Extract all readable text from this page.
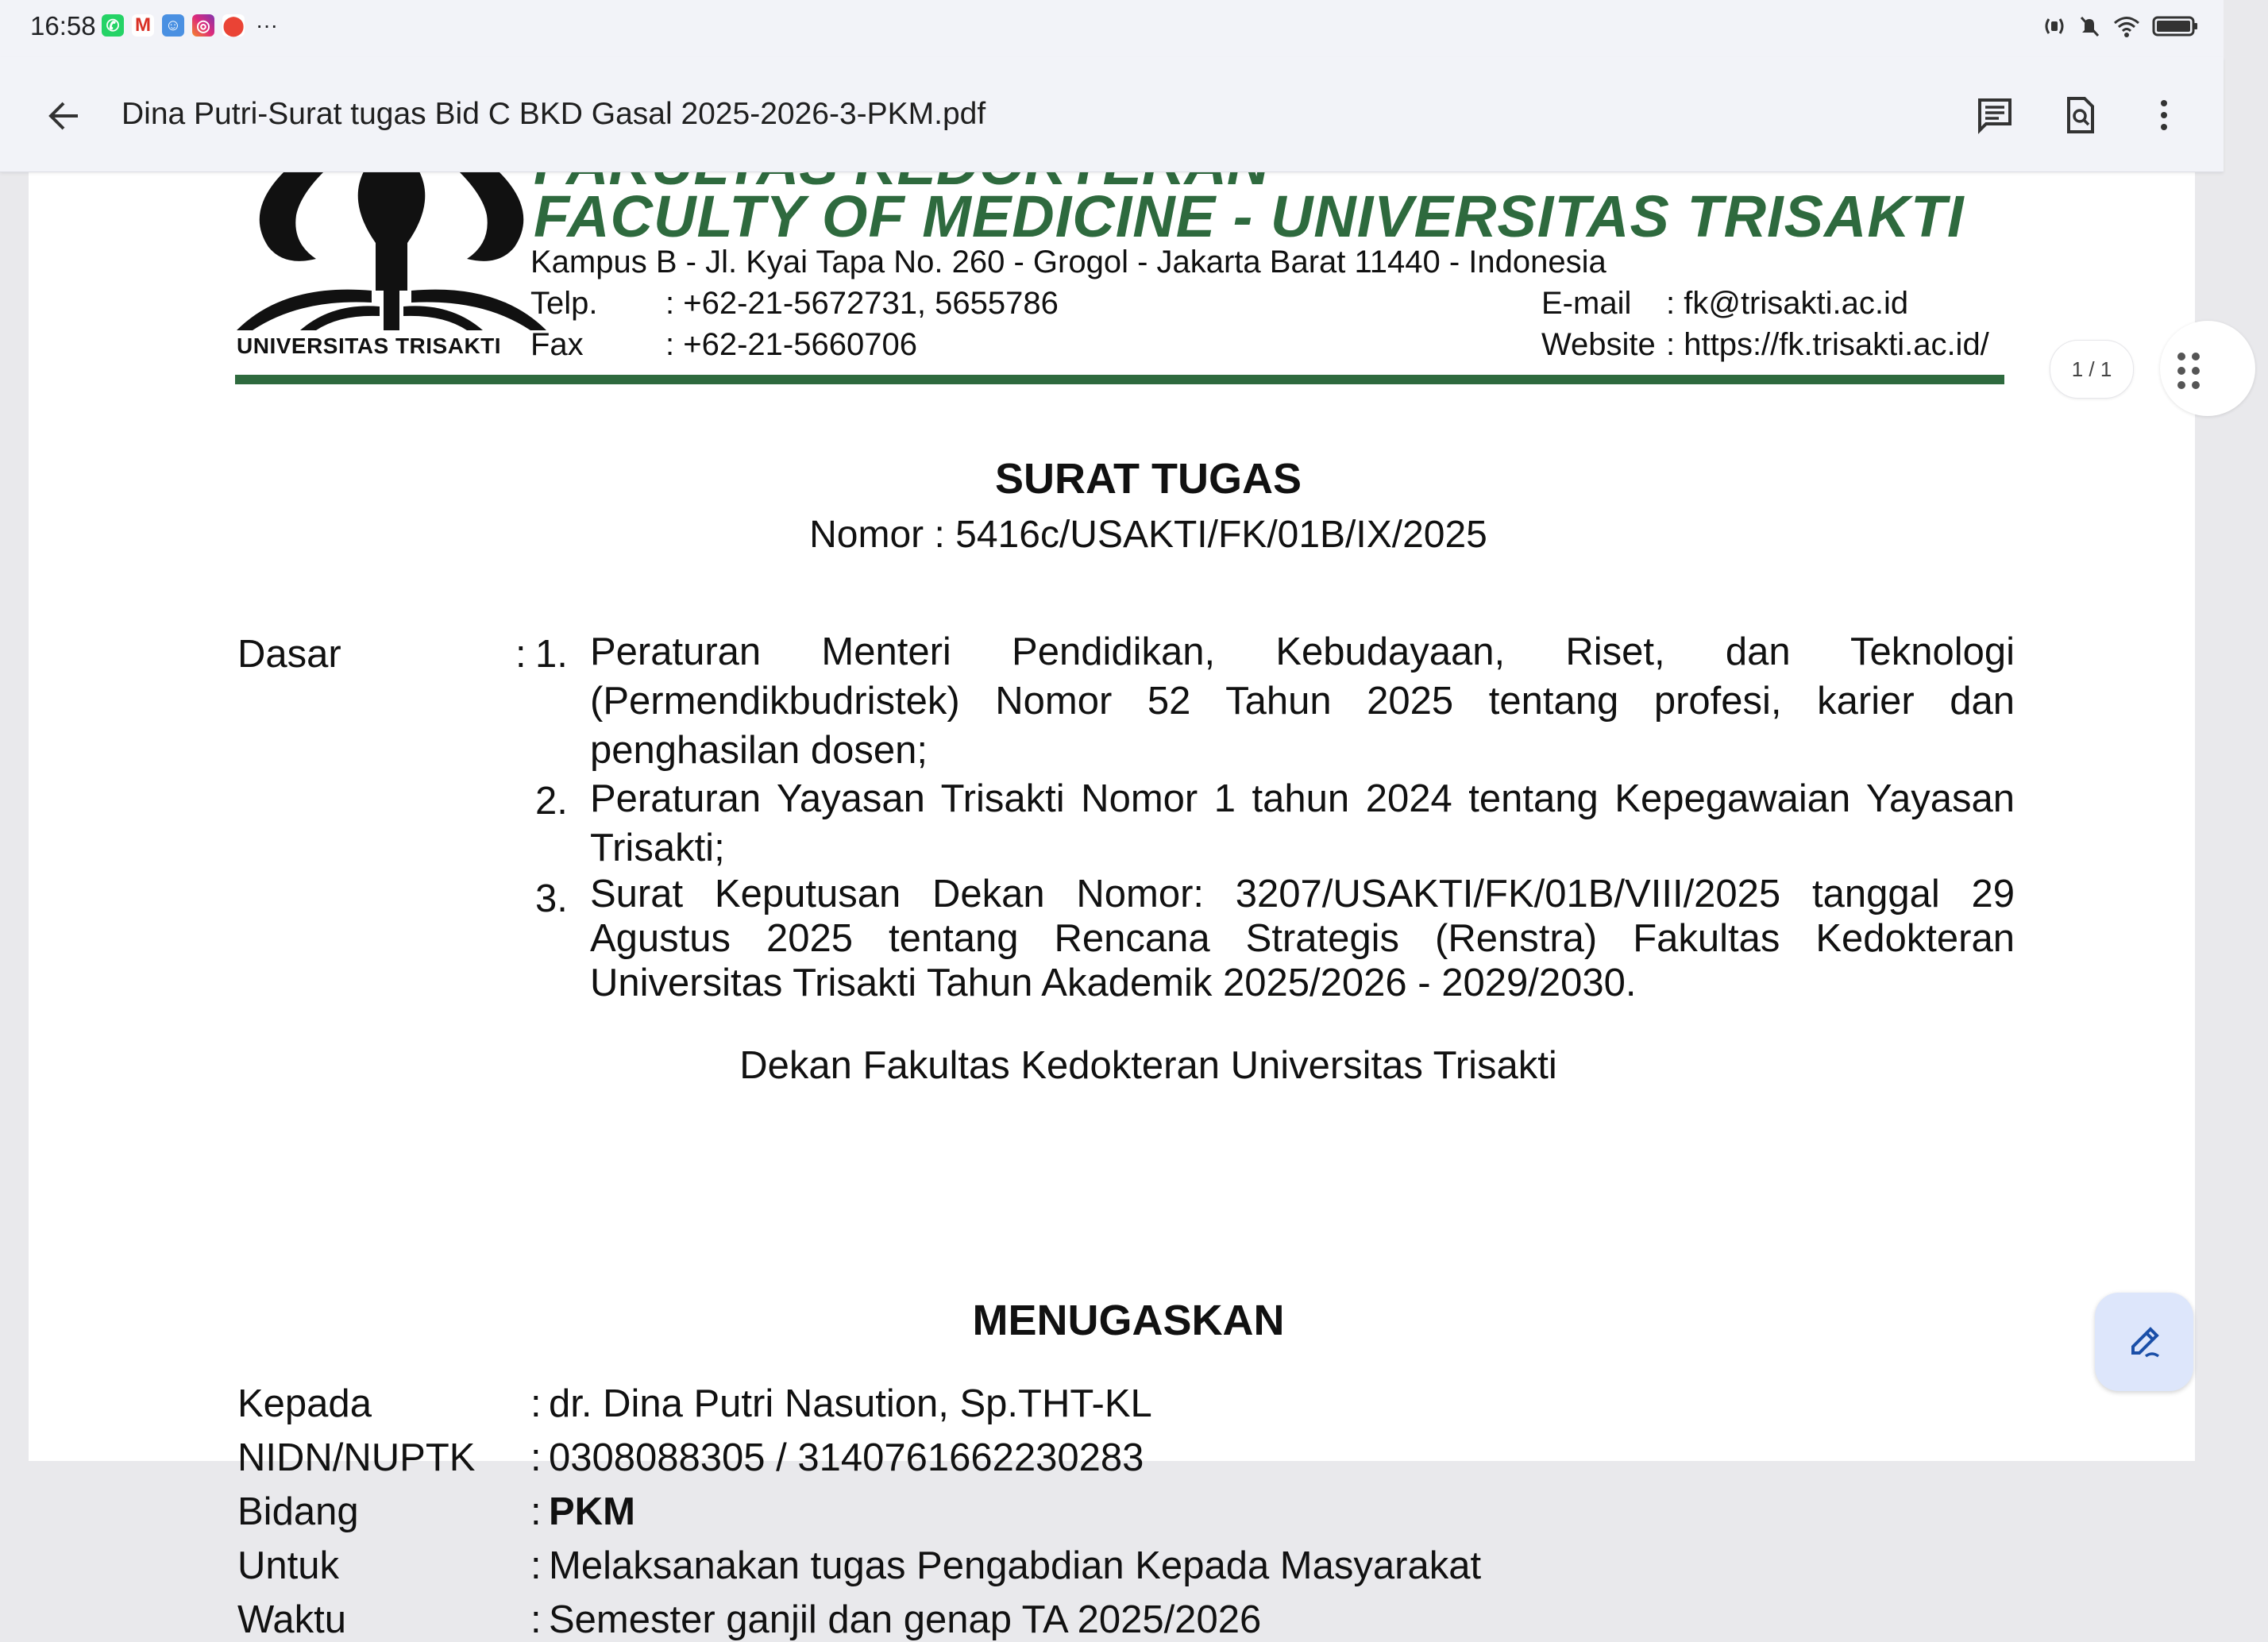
16:58 ✆ M ☺ ◎ ⬤ ···
Dina Putri-Surat tugas Bid C BKD Gasal 2025-2026-3-PKM.pdf
UNIVERSITAS TRISAKTI
FACULTY OF MEDICINE - UNIVERSITAS TRISAKTI
Kampus B - Jl. Kyai Tapa No. 260 - Grogol - Jakarta Barat 11440 - Indonesia
Telp. : +62-21-5672731, 5655786
Fax	: +62-21-5660706
E-mail : fk@trisakti.ac.id
Website : https://fk.trisakti.ac.id/
SURAT TUGAS
Nomor : 5416c/USAKTI/FK/01B/IX/2025
Dasar	: 1. Peraturan Menteri Pendidikan, Kebudayaan, Riset, dan Teknologi (Permendikbudristek) Nomor 52 Tahun 2025 tentang profesi, karier dan penghasilan dosen;
2. Peraturan Yayasan Trisakti Nomor 1 tahun 2024 tentang Kepegawaian Yayasan Trisakti;
3. Surat Keputusan Dekan Nomor: 3207/USAKTI/FK/01B/VIII/2025 tanggal 29 Agustus 2025 tentang Rencana Strategis (Renstra) Fakultas Kedokteran Universitas Trisakti Tahun Akademik 2025/2026 - 2029/2030.
Dekan Fakultas Kedokteran Universitas Trisakti
MENUGASKAN
Kepada	: dr. Dina Putri Nasution, Sp.THT-KL
NIDN/NUPTK : 0308088305 / 3140761662230283
Bidang	: PKM
Untuk	: Melaksanakan tugas Pengabdian Kepada Masyarakat
Waktu	: Semester ganjil dan genap TA 2025/2026
1 / 1
